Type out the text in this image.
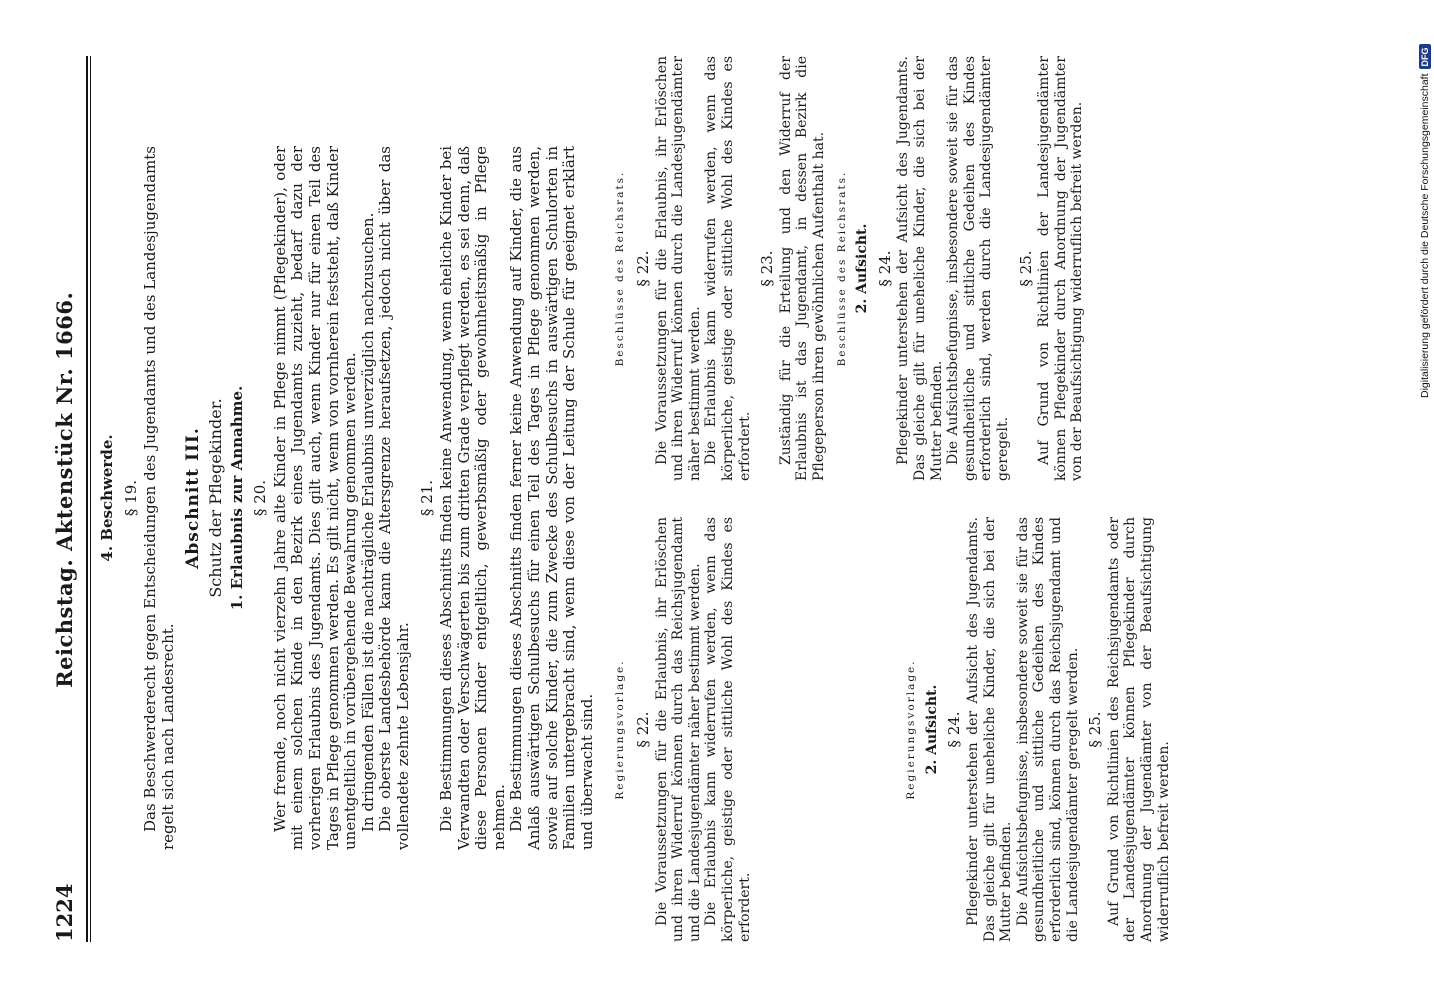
1224
Reichstag. Aktenstück Nr. 1666. 4. Beschwerde. § 19. Das Beschwerderecht gegen Entscheidungen des Jugendamts und des Landesjugendamts regelt sich nach Landesrecht.

Abschnitt III. Schutz der Pflegekinder. 1. Erlaubnis zur Annahme. § 20. Wer fremde, noch nicht vierzehn Jahre alte Kinder in Pflege nimmt (Pflegekinder), oder mit einem solchen Kinde in den Bezirk eines Jugendamts zuzieht, bedarf dazu der vorherigen Erlaubnis des Jugendamts. Dies gilt auch, wenn Kinder nur für einen Teil des Tages in Pflege genommen werden. Es gilt nicht, wenn von vornherein feststeht, daß Kinder unentgeltlich in vorübergehende Bewahrung genommen werden. In dringenden Fällen ist die nachträgliche Erlaubnis unverzüglich nachzusuchen. Die oberste Landesbehörde kann die Altersgrenze heraufsetzen, jedoch nicht über das vollendete zehnte Lebensjahr.

§ 21. Die Bestimmungen dieses Abschnitts finden keine Anwendung, wenn eheliche Kinder bei Verwandten oder Verschwägerten bis zum dritten Grade verpflegt werden, es sei denn, daß diese Personen Kinder entgeltlich, gewerbsmäßig oder gewohnheitsmäßig in Pflege nehmen. Die Bestimmungen dieses Abschnitts finden ferner keine Anwendung auf Kinder, die aus Anlaß auswärtigen Schulbesuchs für einen Teil des Tages in Pflege genommen werden, sowie auf solche Kinder, die zum Zwecke des Schulbesuchs in auswärtigen Schulorten in Familien untergebracht sind, wenn diese von der Leitung der Schule für geeignet erklärt und überwacht sind. Regierungsvorlage. § 22. Die Voraussetzungen für die Erlaubnis, ihr Erlöschen und ihren Widerruf können durch das Reichsjugendamt und die Landesjugendämter näher bestimmt werden. Die Erlaubnis kann widerrufen werden, wenn das körperliche, geistige oder sittliche Wohl des Kindes es erfordert.

Regierungsvorlage. 2. Aufsicht. § 24. Pflegekinder unterstehen der Aufsicht des Jugendamts. Das gleiche gilt für uneheliche Kinder, die sich bei der Mutter befinden. Die Aufsichtsbefugnisse, insbesondere soweit sie für das gesundheitliche und sittliche Gedeihen des Kindes erforderlich sind, können durch das Reichsjugendamt und die Landesjugendämter geregelt werden. § 25. Auf Grund von Richtlinien des Reichsjugendamts oder der Landesjugendämter können Pflegekinder durch Anordnung der Jugendämter von der Beaufsichtigung widerruflich befreit werden.

Beschlüsse des Reichsrats. § 22. Die Voraussetzungen für die Erlaubnis, ihr Erlöschen und ihren Widerruf können durch die Landesjugendämter näher bestimmt werden. Die Erlaubnis kann widerrufen werden, wenn das körperliche, geistige oder sittliche Wohl des Kindes es erfordert.

§ 23. Zuständig für die Erteilung und den Widerruf der Erlaubnis ist das Jugendamt, in dessen Bezirk die Pflegeperson ihren gewöhnlichen Aufenthalt hat. Beschlüsse des Reichsrats. 2. Aufsicht. § 24. Pflegekinder unterstehen der Aufsicht des Jugendamts. Das gleiche gilt für uneheliche Kinder, die sich bei der Mutter befinden. Die Aufsichtsbefugnisse, insbesondere soweit sie für das gesundheitliche und sittliche Gedeihen des Kindes erforderlich sind, werden durch die Landesjugendämter geregelt.

§ 25. Auf Grund von Richtlinien der Landesjugendämter können Pflegekinder durch Anordnung der Jugendämter von der Beaufsichtigung widerruflich befreit werden.	Digitalisierung gefördert durch die Deutsche Forschungsgemeinschaft
DFG
